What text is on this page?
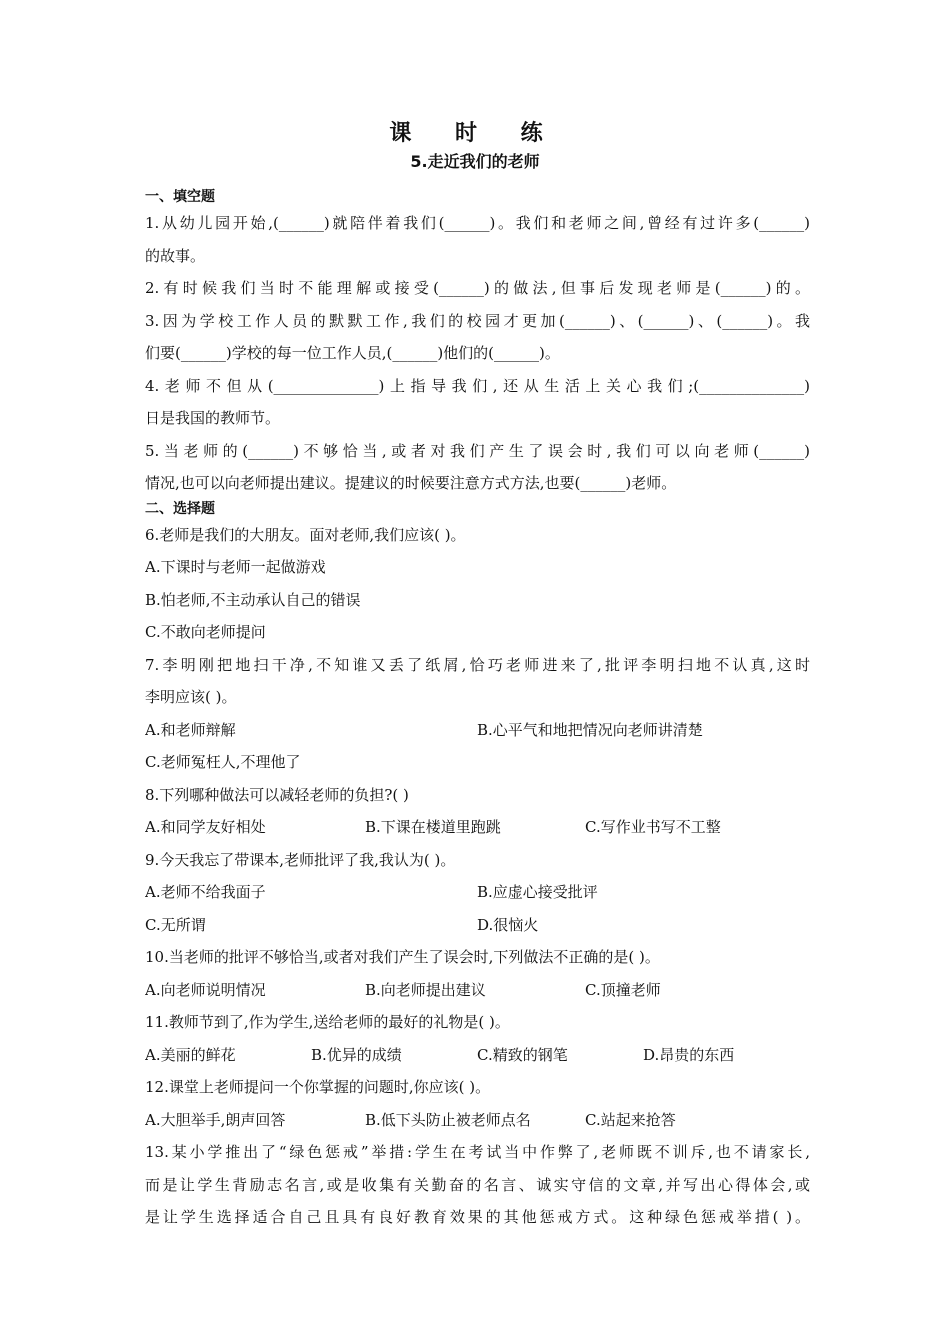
课 时 练
5.走近我们的老师
一、填空题
1.从幼儿园开始,(______)就陪伴着我们(______)。我们和老师之间,曾经有过许多(______)
的故事。
2.有时候我们当时不能理解或接受(______)的做法,但事后发现老师是(______)的。
3.因为学校工作人员的默默工作,我们的校园才更加(______)、(______)、(______)。我
们要(______)学校的每一位工作人员,(______)他们的(______)。
4.老师不但从(______________)上指导我们,还从生活上关心我们;(______________)
日是我国的教师节。
5.当老师的(______)不够恰当,或者对我们产生了误会时,我们可以向老师(______)
情况,也可以向老师提出建议。提建议的时候要注意方式方法,也要(______)老师。
二、选择题
6.老师是我们的大朋友。面对老师,我们应该( )。
A.下课时与老师一起做游戏
B.怕老师,不主动承认自己的错误
C.不敢向老师提问
7.李明刚把地扫干净,不知谁又丢了纸屑,恰巧老师进来了,批评李明扫地不认真,这时
李明应该( )。
A.和老师辩解	B.心平气和地把情况向老师讲清楚
C.老师冤枉人,不理他了
8.下列哪种做法可以减轻老师的负担?( )
A.和同学友好相处	B.下课在楼道里跑跳	C.写作业书写不工整
9.今天我忘了带课本,老师批评了我,我认为( )。
A.老师不给我面子	B.应虚心接受批评
C.无所谓	D.很恼火
10.当老师的批评不够恰当,或者对我们产生了误会时,下列做法不正确的是( )。
A.向老师说明情况	B.向老师提出建议	C.顶撞老师
11.教师节到了,作为学生,送给老师的最好的礼物是( )。
A.美丽的鲜花	B.优异的成绩	C.精致的钢笔	D.昂贵的东西
12.课堂上老师提问一个你掌握的问题时,你应该( )。
A.大胆举手,朗声回答	B.低下头防止被老师点名	C.站起来抢答
13.某小学推出了“绿色惩戒”举措:学生在考试当中作弊了,老师既不训斥,也不请家长,
而是让学生背励志名言,或是收集有关勤奋的名言、诚实守信的文章,并写出心得体会,或
是让学生选择适合自己且具有良好教育效果的其他惩戒方式。这种绿色惩戒举措( )。
